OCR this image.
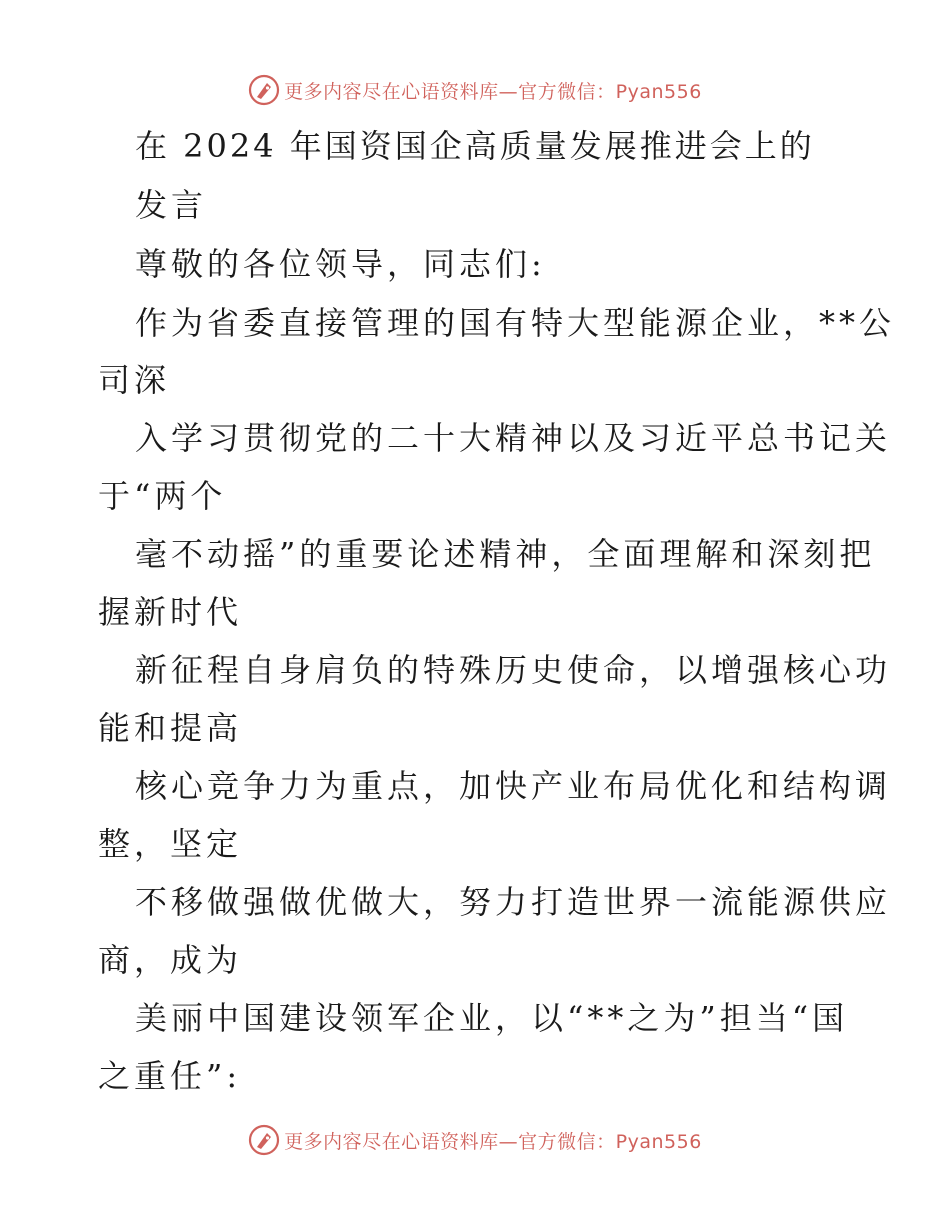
更多内容尽在心语资料库—官方微信：Pyan556
在 2024 年国资国企高质量发展推进会上的
发言
尊敬的各位领导，同志们:
作为省委直接管理的国有特大型能源企业，**公
司深
入学习贯彻党的二十大精神以及习近平总书记关
于“两个
毫不动摇”的重要论述精神，全面理解和深刻把
握新时代
新征程自身肩负的特殊历史使命，以增强核心功
能和提高
核心竞争力为重点，加快产业布局优化和结构调
整，坚定
不移做强做优做大，努力打造世界一流能源供应
商，成为
美丽中国建设领军企业，以“**之为”担当“国
之重任”:
更多内容尽在心语资料库—官方微信：Pyan556
